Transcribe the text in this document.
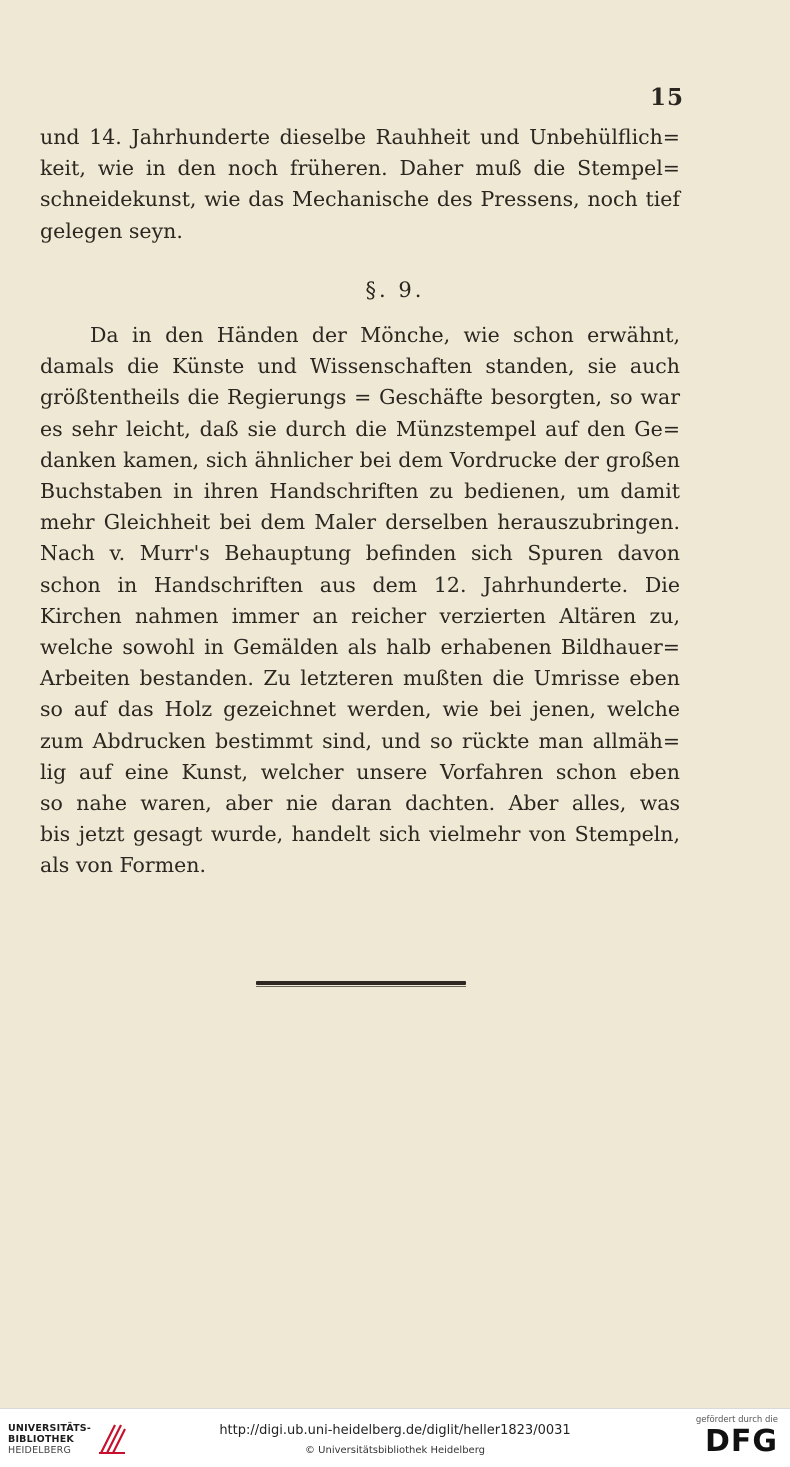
15
und 14. Jahrhunderte dieselbe Rauhheit und Unbehülflich=
keit, wie in den noch früheren. Daher muß die Stempel=
schneidekunst, wie das Mechanische des Pressens, noch tief
gelegen seyn.
§. 9.
Da in den Händen der Mönche, wie schon erwähnt,
damals die Künste und Wissenschaften standen, sie auch
größtentheils die Regierungs = Geschäfte besorgten, so war
es sehr leicht, daß sie durch die Münzstempel auf den Ge=
danken kamen, sich ähnlicher bei dem Vordrucke der großen
Buchstaben in ihren Handschriften zu bedienen, um damit
mehr Gleichheit bei dem Maler derselben herauszubringen.
Nach v. Murr's Behauptung befinden sich Spuren davon
schon in Handschriften aus dem 12. Jahrhunderte. Die
Kirchen nahmen immer an reicher verzierten Altären zu,
welche sowohl in Gemälden als halb erhabenen Bildhauer=
Arbeiten bestanden. Zu letzteren mußten die Umrisse eben
so auf das Holz gezeichnet werden, wie bei jenen, welche
zum Abdrucken bestimmt sind, und so rückte man allmäh=
lig auf eine Kunst, welcher unsere Vorfahren schon eben
so nahe waren, aber nie daran dachten. Aber alles, was
bis jetzt gesagt wurde, handelt sich vielmehr von Stempeln,
als von Formen.
UNIVERSITÄTS-
BIBLIOTHEK
HEIDELBERG
http://digi.ub.uni-heidelberg.de/diglit/heller1823/0031
© Universitätsbibliothek Heidelberg
gefördert durch die
DFG
